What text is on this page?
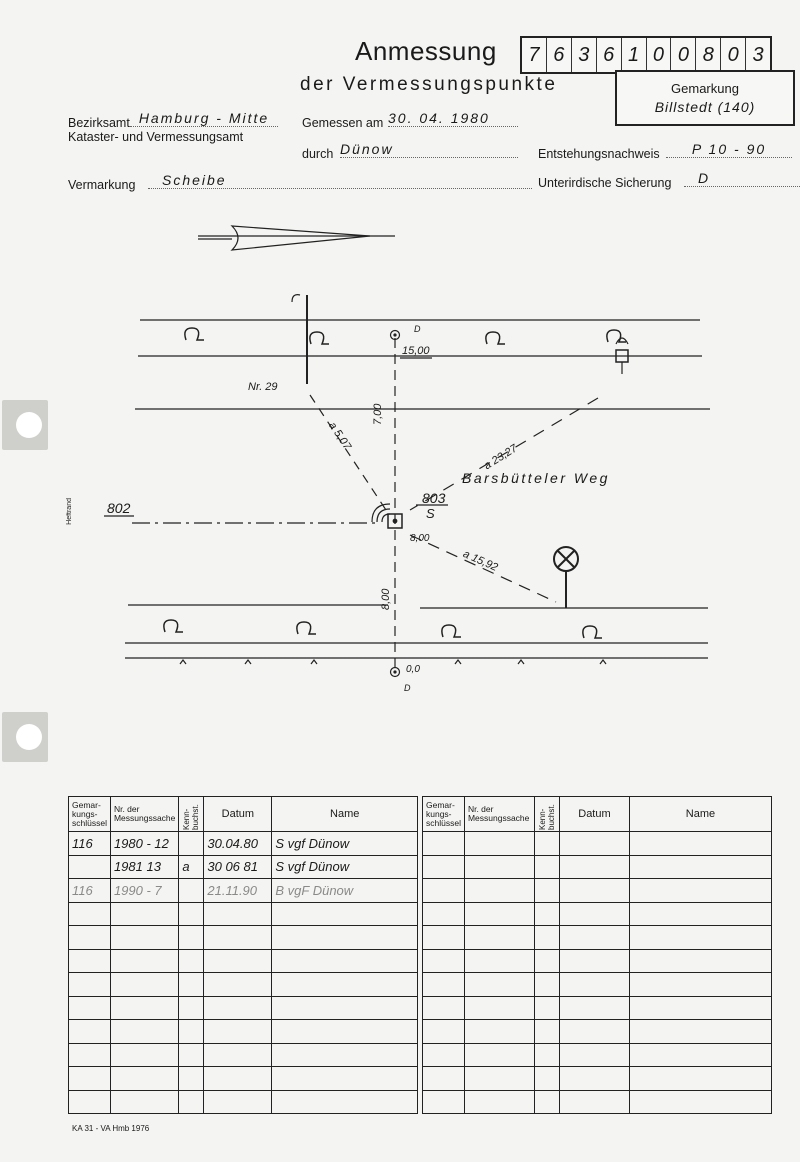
Anmessung
der Vermessungspunkte
7 6 3 6 1 0 0 8 0 3
Gemarkung
Billstedt (140)
Bezirksamt Hamburg - Mitte
Kataster- und Vermessungsamt
Gemessen am 30. 04. 1980
durch Dünow	Entstehungsnachweis	P 10 - 90
Vermarkung	Scheibe	Unterirdische Sicherung	D
Heftrand 802
803
S
Nr. 29
D
D
15,00
7,00
a 5,07
a 23,27
8,00
8,00
a 15,92
0,0
Barsbütteler Weg
Gemar-kungs-schlüssel	Nr. der Messungssache	Kenn-buchst.	Datum	Name
116	1980 - 12		30.04.80	S vgf Dünow
	1981 13	a	30 06 81	S vgf Dünow
116	1990 - 7		21.11.90	B vgF Dünow

Gemar-kungs-schlüssel	Nr. der Messungssache	Kenn-buchst.	Datum	Name

KA 31 - VA Hmb 1976
